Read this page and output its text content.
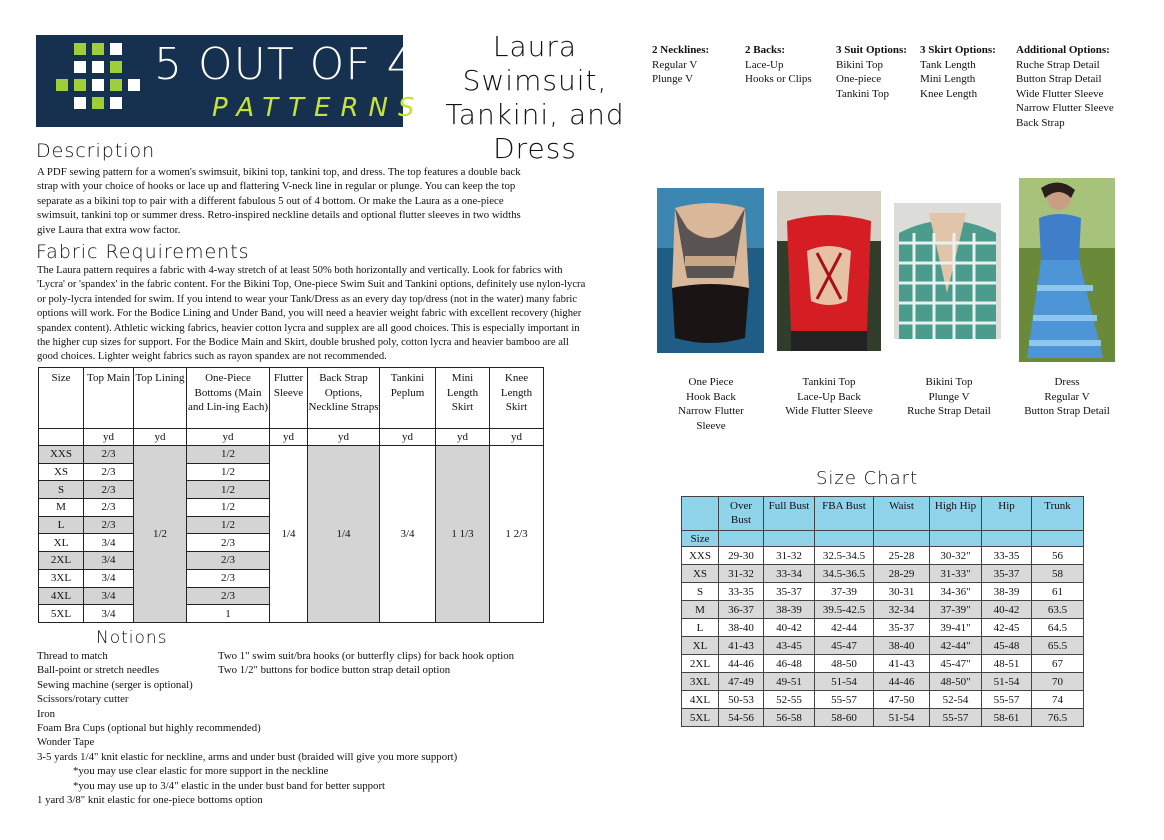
5 OUT OF 4
PATTERNS
Laura Swimsuit, Tankini, and Dress
2 Necklines:
Regular V
Plunge V
2 Backs:
Lace-Up
Hooks or Clips
3 Suit Options:
Bikini Top
One-piece
Tankini Top
3 Skirt Options:
Tank Length
Mini Length
Knee Length
Additional Options:
Ruche Strap Detail
Button Strap Detail
Wide Flutter Sleeve
Narrow Flutter Sleeve
Back Strap
Description
A PDF sewing pattern for a women's swimsuit, bikini top, tankini top, and dress. The top features a double back
strap with your choice of hooks or lace up and flattering V-neck line in regular or plunge. You can keep the top
separate as a bikini top to pair with a different fabulous 5 out of 4 bottom. Or make the Laura as a one-piece
swimsuit, tankini top or summer dress. Retro-inspired neckline details and optional flutter sleeves in two widths
give Laura that extra wow factor.
Fabric Requirements
The Laura pattern requires a fabric with 4-way stretch of at least 50% both horizontally and vertically. Look for fabrics with
'Lycra' or 'spandex' in the fabric content. For the Bikini Top, One-piece Swim Suit and Tankini options, definitely use nylon-lycra
or poly-lycra intended for swim. If you intend to wear your Tank/Dress as an every day top/dress (not in the water) many fabric
options will work. For the Bodice Lining and Under Band, you will need a heavier weight fabric with excellent recovery (higher
spandex content). Athletic wicking fabrics, heavier cotton lycra and supplex are all good choices. This is especially important in
the higher cup sizes for support. For the Bodice Main and Skirt, double brushed poly, cotton lycra and heavier bamboo are all
good choices. Lighter weight fabrics such as rayon spandex are not recommended.
Size	Top Main	Top Lining	One-Piece Bottoms (Main and Lin-ing Each)	Flutter Sleeve	Back Strap Options, Neckline Straps	Tankini Peplum	Mini Length Skirt	Knee Length Skirt
	yd	yd	yd	yd	yd	yd	yd	yd
XXS	2/3	1/2	1/2	1/4	1/4	3/4	1 1/3	1 2/3
XS	2/3		1/2					
S	2/3		1/2					
M	2/3		1/2					
L	2/3		1/2					
XL	3/4		2/3					
2XL	3/4		2/3					
3XL	3/4		2/3					
4XL	3/4		2/3					
5XL	3/4		1					
Notions
Thread to match
Ball-point or stretch needles
Sewing machine (serger is optional)
Scissors/rotary cutter
Iron
Foam Bra Cups (optional but highly recommended)
Wonder Tape
3-5 yards 1/4" knit elastic for neckline, arms and under bust (braided will give you more support)
*you may use clear elastic for more support in the neckline
*you may use up to 3/4" elastic in the under bust band for better support
1 yard 3/8" knit elastic for one-piece bottoms option
Two 1" swim suit/bra hooks (or butterfly clips) for back hook option
Two 1/2" buttons for bodice button strap detail option
One Piece
Hook Back
Narrow Flutter
Sleeve
Tankini Top
Lace-Up Back
Wide Flutter Sleeve
Bikini Top
Plunge V
Ruche Strap Detail
Dress
Regular V
Button Strap Detail
Size Chart
	Over Bust	Full Bust	FBA Bust	Waist	High Hip	Hip	Trunk
Size							
XXS	29-30	31-32	32.5-34.5	25-28	30-32"	33-35	56
XS	31-32	33-34	34.5-36.5	28-29	31-33"	35-37	58
S	33-35	35-37	37-39	30-31	34-36"	38-39	61
M	36-37	38-39	39.5-42.5	32-34	37-39"	40-42	63.5
L	38-40	40-42	42-44	35-37	39-41"	42-45	64.5
XL	41-43	43-45	45-47	38-40	42-44"	45-48	65.5
2XL	44-46	46-48	48-50	41-43	45-47"	48-51	67
3XL	47-49	49-51	51-54	44-46	48-50"	51-54	70
4XL	50-53	52-55	55-57	47-50	52-54	55-57	74
5XL	54-56	56-58	58-60	51-54	55-57	58-61	76.5
